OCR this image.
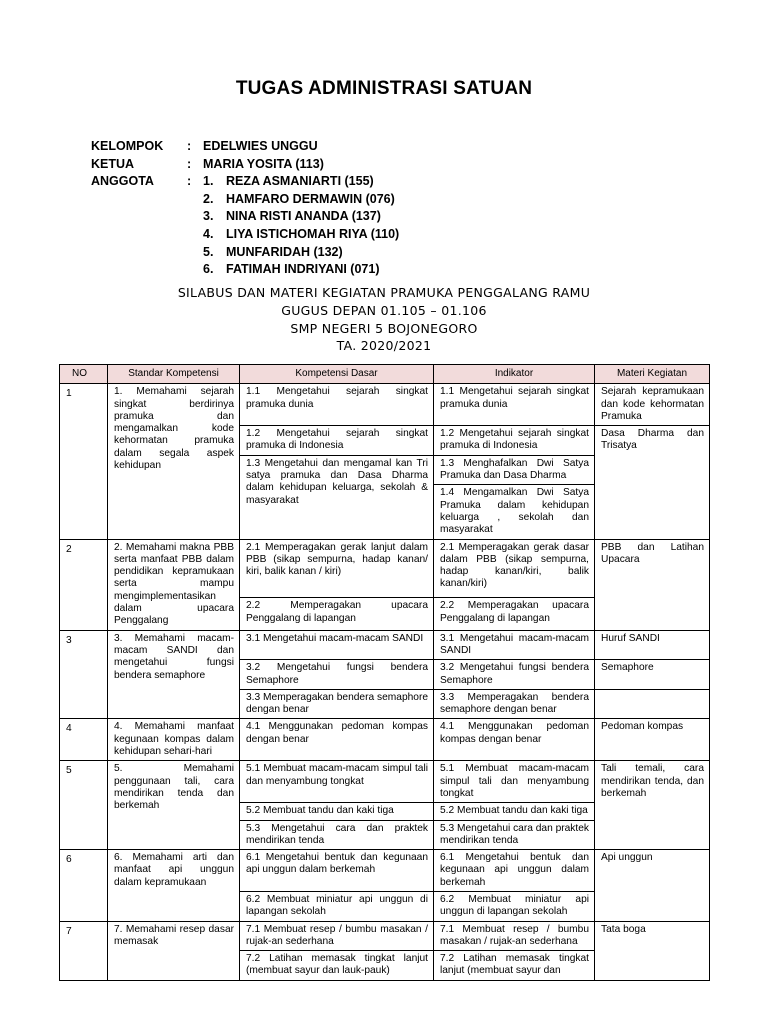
TUGAS ADMINISTRASI SATUAN
KELOMPOK : EDELWIES UNGGU
KETUA	: MARIA YOSITA (113)
ANGGOTA	: 1. REZA ASMANIARTI (155)
2. HAMFARO DERMAWIN (076)
3. NINA RISTI ANANDA (137)
4. LIYA ISTICHOMAH RIYA (110)
5. MUNFARIDAH (132)
6. FATIMAH INDRIYANI (071)
SILABUS DAN MATERI KEGIATAN PRAMUKA PENGGALANG RAMU
GUGUS DEPAN 01.105 – 01.106
SMP NEGERI 5 BOJONEGORO
TA. 2020/2021
NO	Standar Kompetensi	Kompetensi Dasar	Indikator	Materi Kegiatan

1	1. Memahami sejarah singkat berdirinya pramuka dan mengamalkan kode kehormatan pramuka dalam segala aspek kehidupan	1.1 Mengetahui sejarah singkat pramuka dunia	1.1 Mengetahui sejarah singkat pramuka dunia	Sejarah kepramukaan dan kode kehormatan Pramuka
		1.2 Mengetahui sejarah singkat pramuka di Indonesia	1.2 Mengetahui sejarah singkat pramuka di Indonesia	Dasa Dharma dan Trisatya
		1.3 Mengetahui dan mengamal kan Tri satya pramuka dan Dasa Dharma dalam kehidupan keluarga, sekolah & masyarakat	1.3 Menghafalkan Dwi Satya Pramuka dan Dasa Dharma	
			1.4 Mengamalkan Dwi Satya Pramuka dalam kehidupan keluarga , sekolah dan masyarakat	

2	2. Memahami makna PBB serta manfaat PBB dalam pendidikan kepramukaan serta mampu mengimplementasikan dalam upacara Penggalang	2.1 Memperagakan gerak lanjut dalam PBB (sikap sempurna, hadap kanan/ kiri, balik kanan / kiri)	2.1 Memperagakan gerak dasar dalam PBB (sikap sempurna, hadap kanan/kiri, balik kanan/kiri)	PBB dan Latihan Upacara
		2.2 Memperagakan upacara Penggalang di lapangan	2.2 Memperagakan upacara Penggalang di lapangan	

3	3. Memahami macam-macam SANDI dan mengetahui fungsi bendera semaphore	3.1 Mengetahui macam-macam SANDI	3.1 Mengetahui macam-macam SANDI	Huruf SANDI
		3.2 Mengetahui fungsi bendera Semaphore	3.2 Mengetahui fungsi bendera Semaphore	Semaphore
		3.3 Memperagakan bendera semaphore dengan benar	3.3 Memperagakan bendera semaphore dengan benar	

4	4. Memahami manfaat kegunaan kompas dalam kehidupan sehari-hari	4.1 Menggunakan pedoman kompas dengan benar	4.1 Menggunakan pedoman kompas dengan benar	Pedoman kompas

5	5. Memahami penggunaan tali, cara mendirikan tenda dan berkemah	5.1 Membuat macam-macam simpul tali dan menyambung tongkat	5.1 Membuat macam-macam simpul tali dan menyambung tongkat	Tali temali, cara mendirikan tenda, dan berkemah
		5.2 Membuat tandu dan kaki tiga	5.2 Membuat tandu dan kaki tiga	
		5.3 Mengetahui cara dan praktek mendirikan tenda	5.3 Mengetahui cara dan praktek mendirikan tenda	

6	6. Memahami arti dan manfaat api unggun dalam kepramukaan	6.1 Mengetahui bentuk dan kegunaan api unggun dalam berkemah	6.1 Mengetahui bentuk dan kegunaan api unggun dalam berkemah	Api unggun
		6.2 Membuat miniatur api unggun di lapangan sekolah	6.2 Membuat miniatur api unggun di lapangan sekolah	

7	7. Memahami resep dasar memasak	7.1 Membuat resep / bumbu masakan / rujak-an sederhana	7.1 Membuat resep / bumbu masakan / rujak-an sederhana	Tata boga
		7.2 Latihan memasak tingkat lanjut (membuat sayur dan lauk-pauk)	7.2 Latihan memasak tingkat lanjut (membuat sayur dan	
